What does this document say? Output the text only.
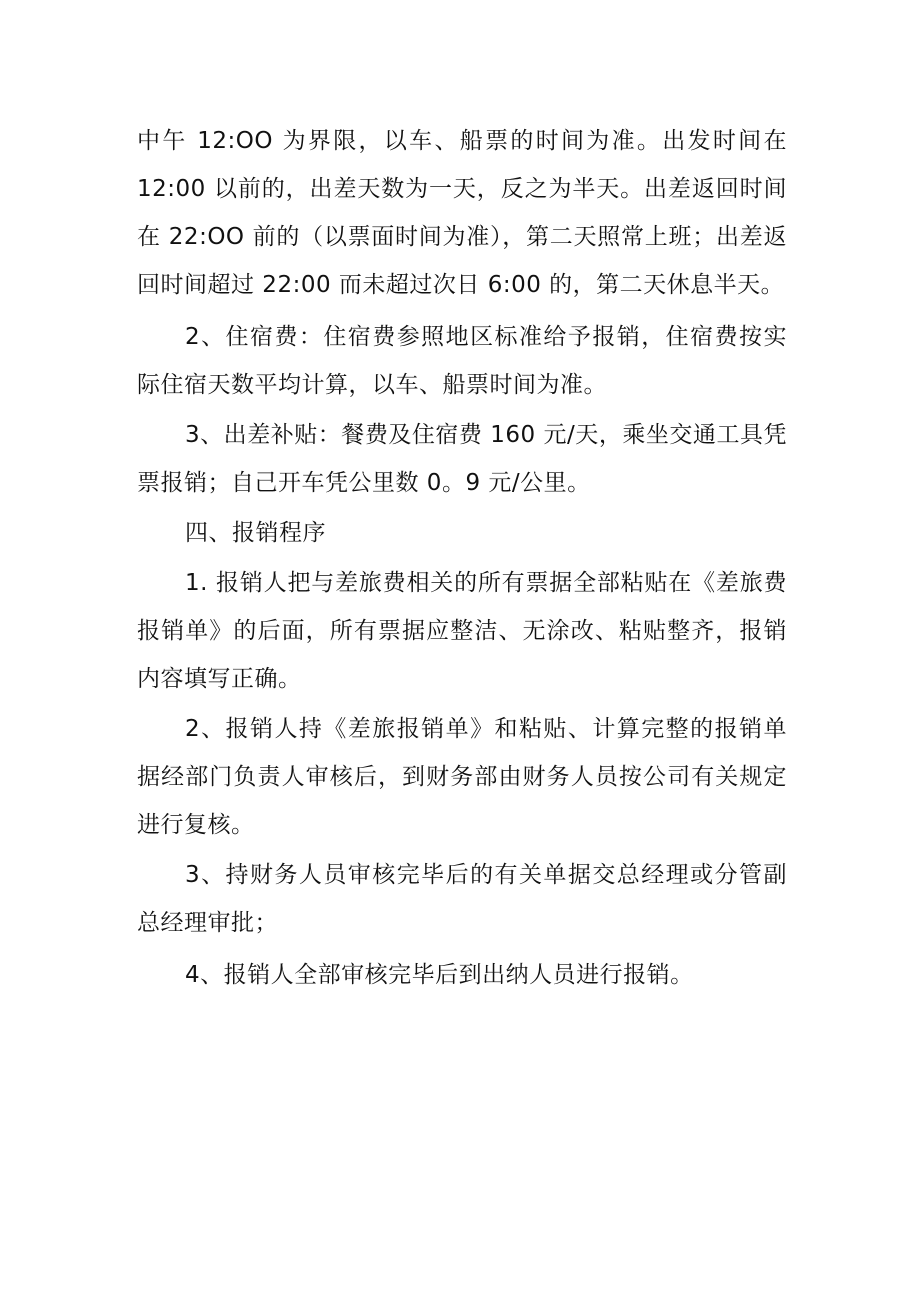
中午 12:OO 为界限，以车、船票的时间为准。出发时间在 12:00 以前的，出差天数为一天，反之为半天。出差返回时间在 22:OO 前的（以票面时间为准），第二天照常上班；出差返回时间超过 22:00 而未超过次日 6:00 的，第二天休息半天。

2、住宿费：住宿费参照地区标准给予报销，住宿费按实际住宿天数平均计算，以车、船票时间为准。

3、出差补贴：餐费及住宿费 160 元/天，乘坐交通工具凭票报销；自己开车凭公里数 0。9 元/公里。

四、报销程序

1. 报销人把与差旅费相关的所有票据全部粘贴在《差旅费报销单》的后面，所有票据应整洁、无涂改、粘贴整齐，报销内容填写正确。

2、报销人持《差旅报销单》和粘贴、计算完整的报销单据经部门负责人审核后，到财务部由财务人员按公司有关规定进行复核。

3、持财务人员审核完毕后的有关单据交总经理或分管副总经理审批；

4、报销人全部审核完毕后到出纳人员进行报销。
